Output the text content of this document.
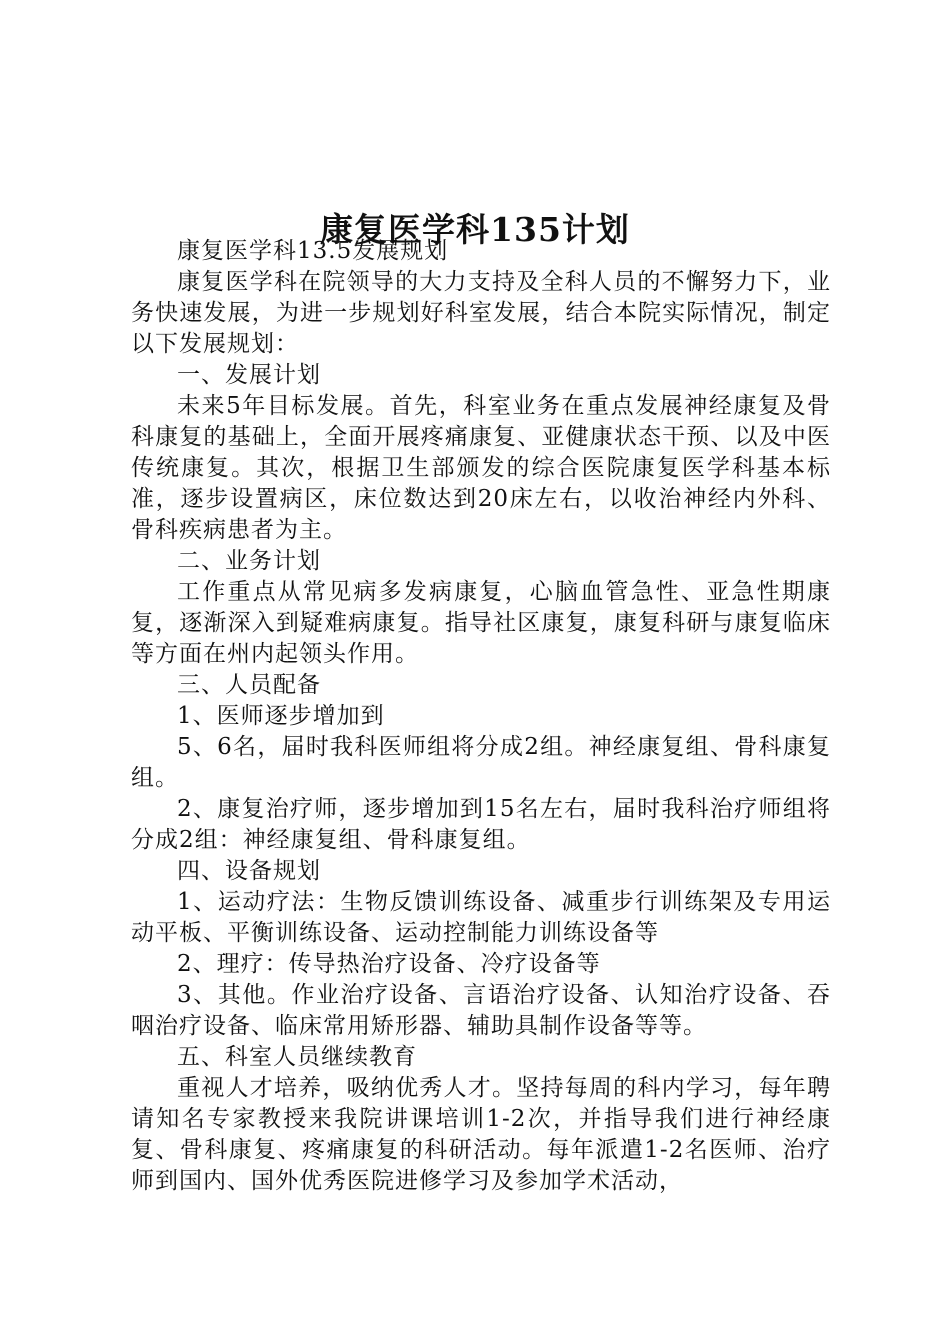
康复医学科135计划

康复医学科13.5发展规划

康复医学科在院领导的大力支持及全科人员的不懈努力下，业务快速发展，为进一步规划好科室发展，结合本院实际情况，制定以下发展规划：

一、发展计划

未来5年目标发展。首先，科室业务在重点发展神经康复及骨科康复的基础上，全面开展疼痛康复、亚健康状态干预、以及中医传统康复。其次，根据卫生部颁发的综合医院康复医学科基本标准，逐步设置病区，床位数达到20床左右，以收治神经内外科、骨科疾病患者为主。

二、业务计划

工作重点从常见病多发病康复，心脑血管急性、亚急性期康复，逐渐深入到疑难病康复。指导社区康复，康复科研与康复临床等方面在州内起领头作用。

三、人员配备

1、医师逐步增加到

5、6名，届时我科医师组将分成2组。神经康复组、骨科康复组。

2、康复治疗师，逐步增加到15名左右，届时我科治疗师组将分成2组：神经康复组、骨科康复组。

四、设备规划

1、运动疗法：生物反馈训练设备、减重步行训练架及专用运动平板、平衡训练设备、运动控制能力训练设备等

2、理疗：传导热治疗设备、冷疗设备等

3、其他。作业治疗设备、言语治疗设备、认知治疗设备、吞咽治疗设备、临床常用矫形器、辅助具制作设备等等。

五、科室人员继续教育

重视人才培养，吸纳优秀人才。坚持每周的科内学习，每年聘请知名专家教授来我院讲课培训1-2次，并指导我们进行神经康复、骨科康复、疼痛康复的科研活动。每年派遣1-2名医师、治疗师到国内、国外优秀医院进修学习及参加学术活动，
